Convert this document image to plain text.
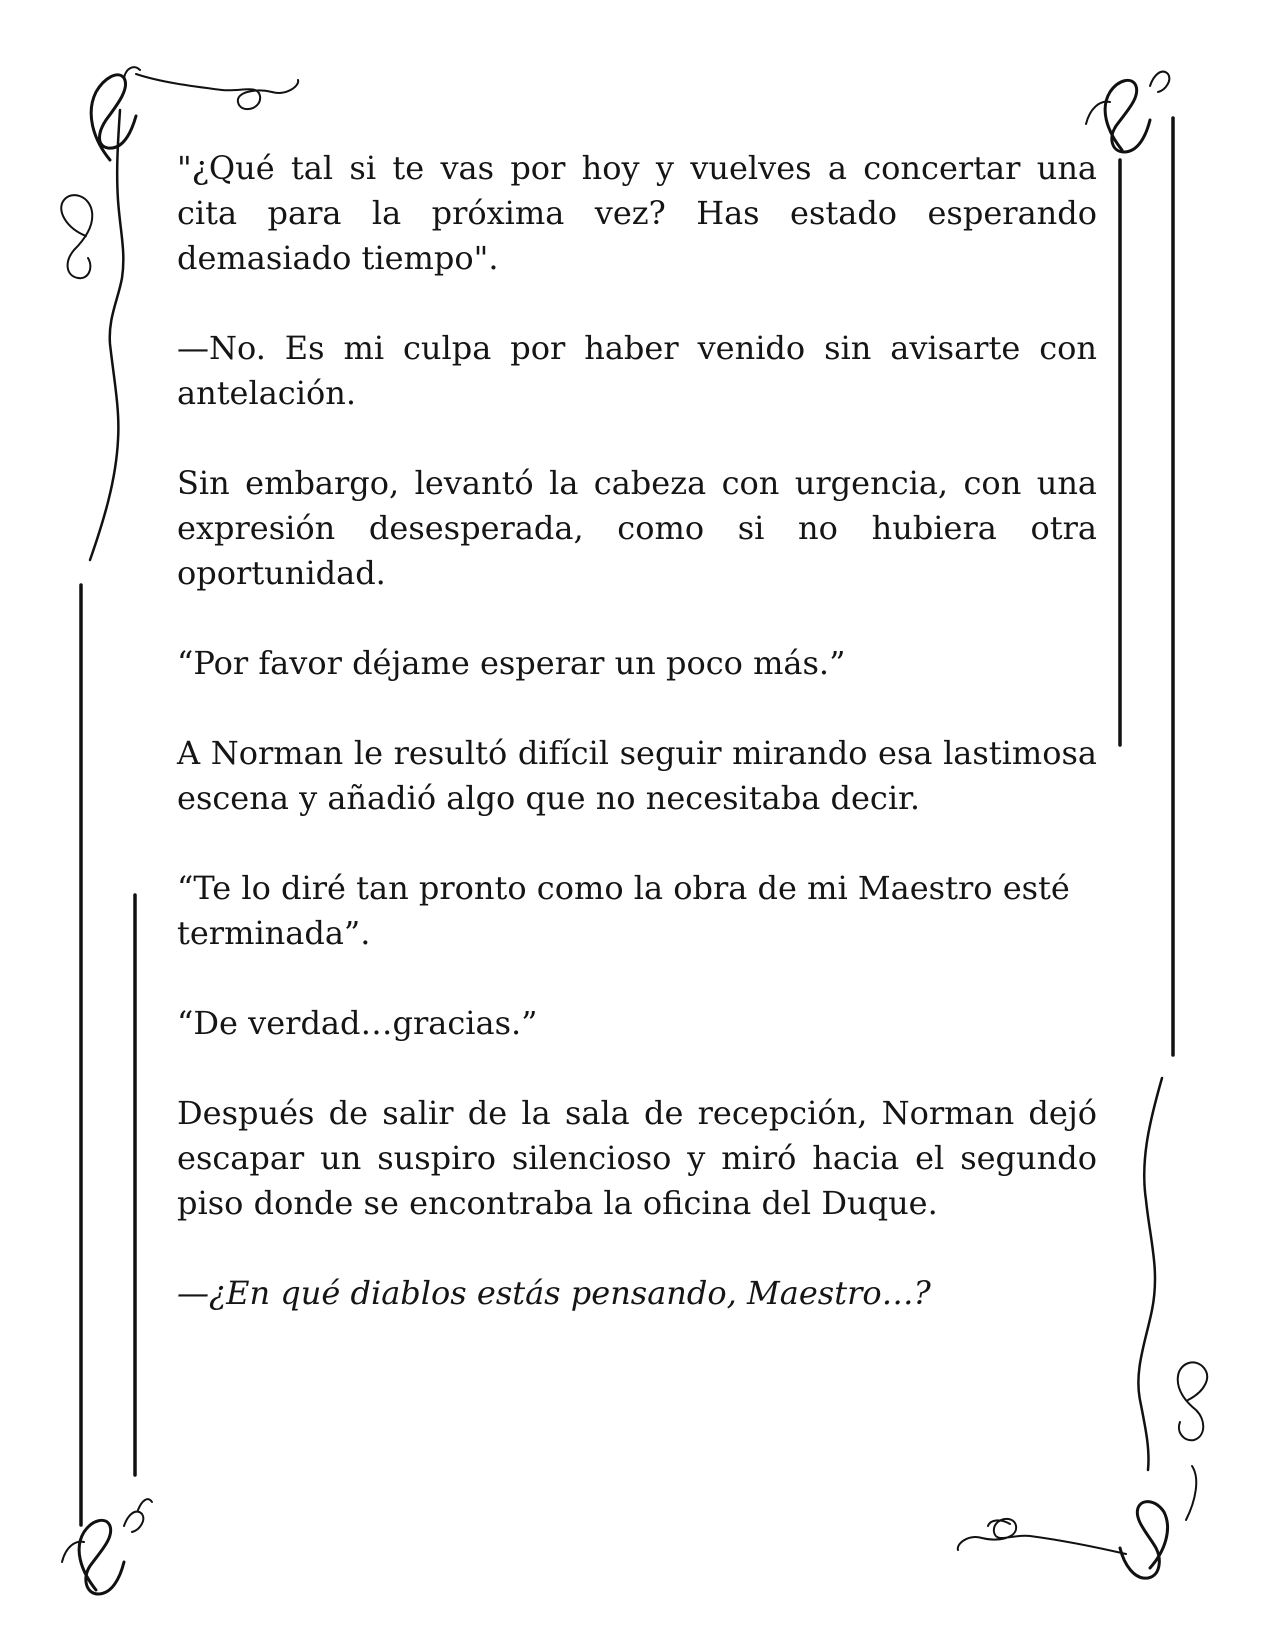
"¿Qué tal si te vas por hoy y vuelves a concertar una cita para la próxima vez? Has estado esperando demasiado tiempo".

—No. Es mi culpa por haber venido sin avisarte con antelación.

Sin embargo, levantó la cabeza con urgencia, con una expresión desesperada, como si no hubiera otra oportunidad.

“Por favor déjame esperar un poco más.”

A Norman le resultó difícil seguir mirando esa lastimosa escena y añadió algo que no necesitaba decir.

“Te lo diré tan pronto como la obra de mi Maestro esté terminada”.

“De verdad…gracias.”

Después de salir de la sala de recepción, Norman dejó escapar un suspiro silencioso y miró hacia el segundo piso donde se encontraba la oficina del Duque.

—¿En qué diablos estás pensando, Maestro…?
